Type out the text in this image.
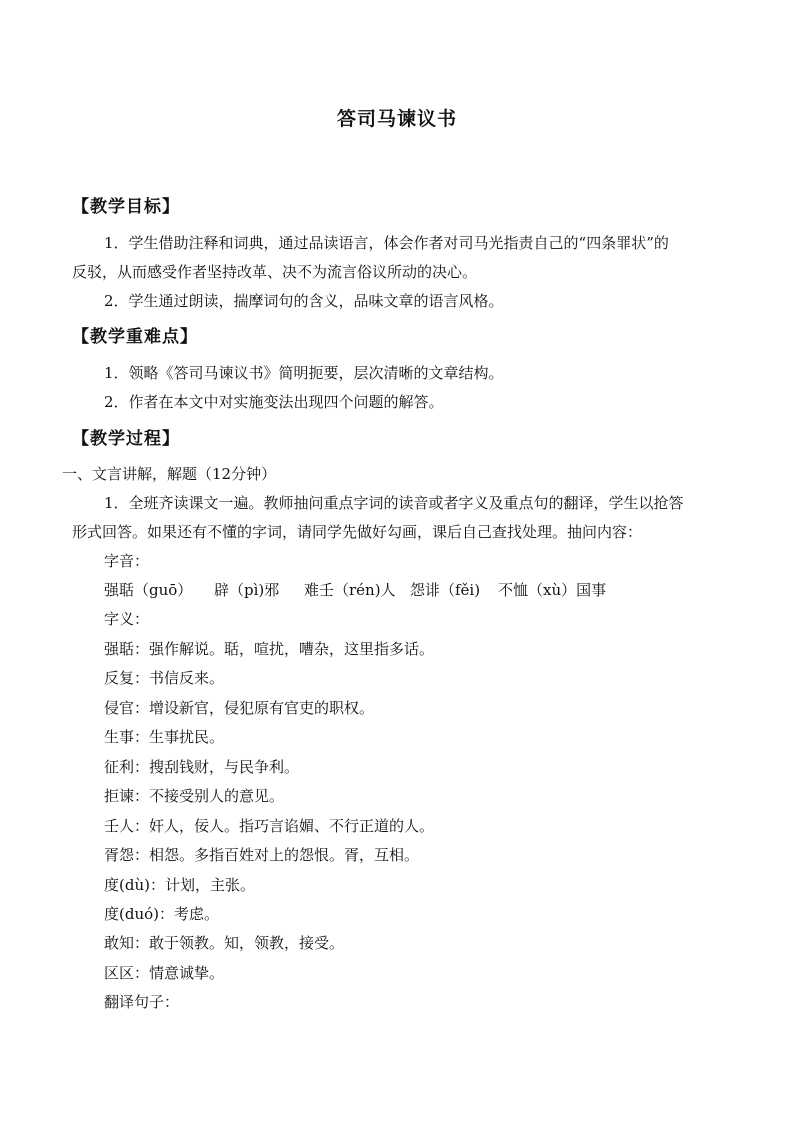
答司马谏议书
【教学目标】
1．学生借助注释和词典，通过品读语言，体会作者对司马光指责自己的“四条罪状”的
反驳，从而感受作者坚持改革、决不为流言俗议所动的决心。
2．学生通过朗读，揣摩词句的含义，品味文章的语言风格。
【教学重难点】
1．领略《答司马谏议书》简明扼要，层次清晰的文章结构。
2．作者在本文中对实施变法出现四个问题的解答。
【教学过程】
一、文言讲解，解题（12分钟）
1．全班齐读课文一遍。教师抽问重点字词的读音或者字义及重点句的翻译，学生以抢答
形式回答。如果还有不懂的字词，请同学先做好勾画，课后自己查找处理。抽问内容：
字音：
强聒（guō） 辟（pì)邪 难壬（rén)人 怨诽（fěi) 不恤（xù）国事
字义：
强聒：强作解说。聒，喧扰，嘈杂，这里指多话。
反复：书信反来。
侵官：增设新官，侵犯原有官吏的职权。
生事：生事扰民。
征利：搜刮钱财，与民争利。
拒谏：不接受别人的意见。
壬人：奸人，佞人。指巧言谄媚、不行正道的人。
胥怨：相怨。多指百姓对上的怨恨。胥，互相。
度(dù)：计划，主张。
度(duó)：考虑。
敢知：敢于领教。知，领教，接受。
区区：情意诚挚。
翻译句子：
